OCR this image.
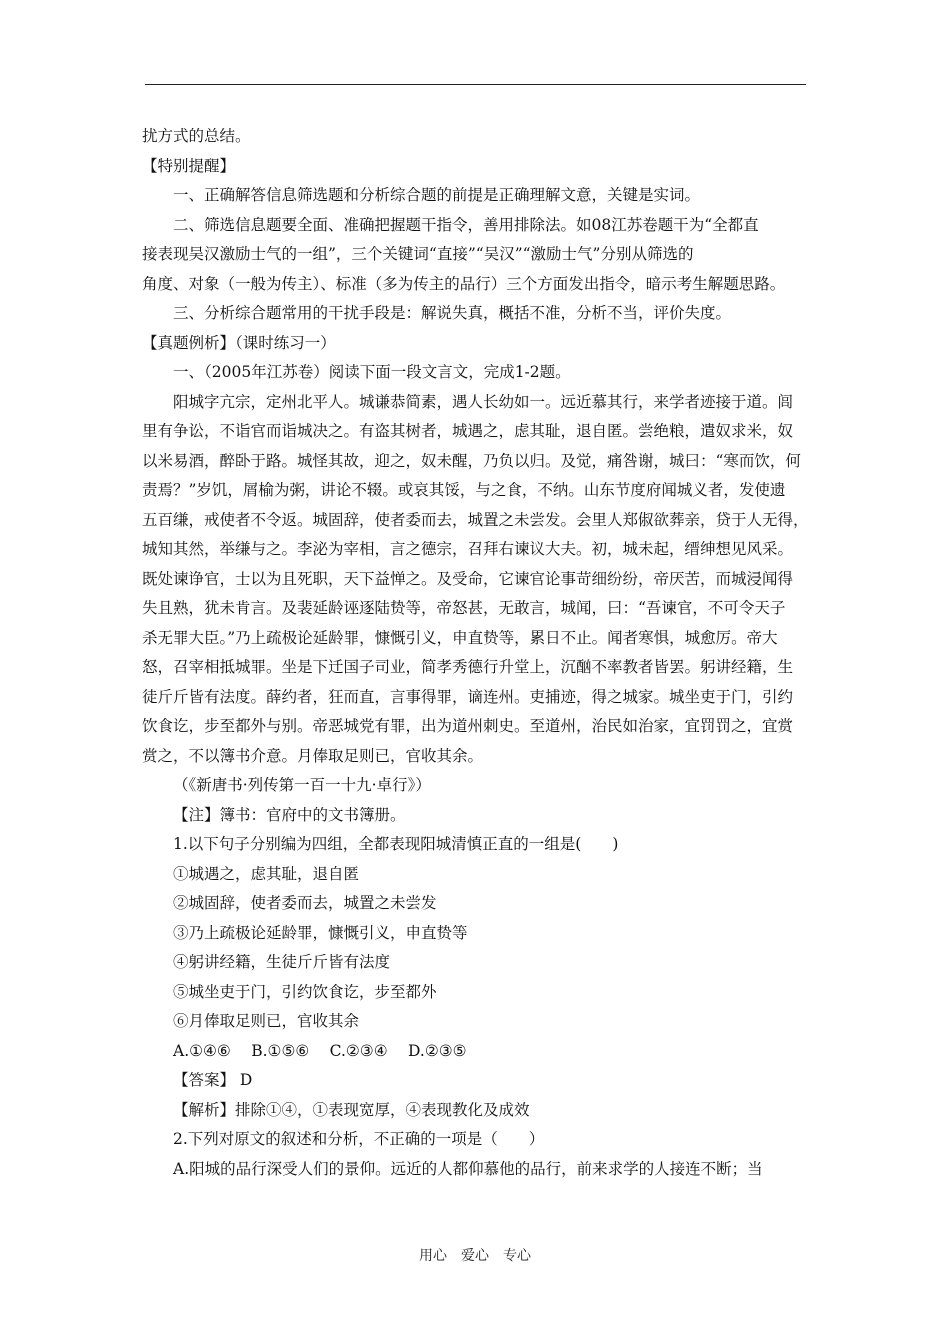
扰方式的总结。
【特别提醒】
一、正确解答信息筛选题和分析综合题的前提是正确理解文意，关键是实词。
二、筛选信息题要全面、准确把握题干指令，善用排除法。如08江苏卷题干为“全都直
接表现吴汉激励士气的一组”，三个关键词“直接”“吴汉”“激励士气”分别从筛选的
角度、对象（一般为传主）、标准（多为传主的品行）三个方面发出指令，暗示考生解题思路。
三、分析综合题常用的干扰手段是：解说失真，概括不准，分析不当，评价失度。
【真题例析】（课时练习一）
一、（2005年江苏卷）阅读下面一段文言文，完成1-2题。
阳城字亢宗，定州北平人。城谦恭简素，遇人长幼如一。远近慕其行，来学者迹接于道。闾
里有争讼，不诣官而诣城决之。有盗其树者，城遇之，虑其耻，退自匿。尝绝粮，遣奴求米，奴
以米易酒，醉卧于路。城怪其故，迎之，奴未醒，乃负以归。及觉，痛咎谢，城曰：“寒而饮，何
责焉？”岁饥，屑榆为粥，讲论不辍。或哀其馁，与之食，不纳。山东节度府闻城义者，发使遗
五百缣，戒使者不令返。城固辞，使者委而去，城置之未尝发。会里人郑俶欲葬亲，贷于人无得，
城知其然，举缣与之。李泌为宰相，言之德宗，召拜右谏议大夫。初，城未起，缙绅想见风采。
既处谏诤官，士以为且死职，天下益惮之。及受命，它谏官论事苛细纷纷，帝厌苦，而城浸闻得
失且熟，犹未肯言。及裴延龄诬逐陆贽等，帝怒甚，无敢言，城闻，曰：“吾谏官，不可令天子
杀无罪大臣。”乃上疏极论延龄罪，慷慨引义，申直贽等，累日不止。闻者寒惧，城愈厉。帝大
怒，召宰相抵城罪。坐是下迁国子司业，简孝秀德行升堂上，沉酗不率教者皆罢。躬讲经籍，生
徒斤斤皆有法度。薛约者，狂而直，言事得罪，谪连州。吏捕迹，得之城家。城坐吏于门，引约
饮食讫，步至都外与别。帝恶城党有罪，出为道州刺史。至道州，治民如治家，宜罚罚之，宜赏
赏之，不以簿书介意。月俸取足则已，官收其余。
（《新唐书·列传第一百一十九·卓行》）
【注】簿书：官府中的文书簿册。
1.以下句子分别编为四组，全都表现阳城清慎正直的一组是(　　)
①城遇之，虑其耻，退自匿
②城固辞，使者委而去，城置之未尝发
③乃上疏极论延龄罪，慷慨引义，申直贽等
④躬讲经籍，生徒斤斤皆有法度
⑤城坐吏于门，引约饮食讫，步至都外
⑥月俸取足则已，官收其余
A.①④⑥　 B.①⑤⑥　 C.②③④　 D.②③⑤
【答案】 D
【解析】排除①④，①表现宽厚，④表现教化及成效
2.下列对原文的叙述和分析，不正确的一项是（　　）
A.阳城的品行深受人们的景仰。远近的人都仰慕他的品行，前来求学的人接连不断；当
用心　爱心　专心
